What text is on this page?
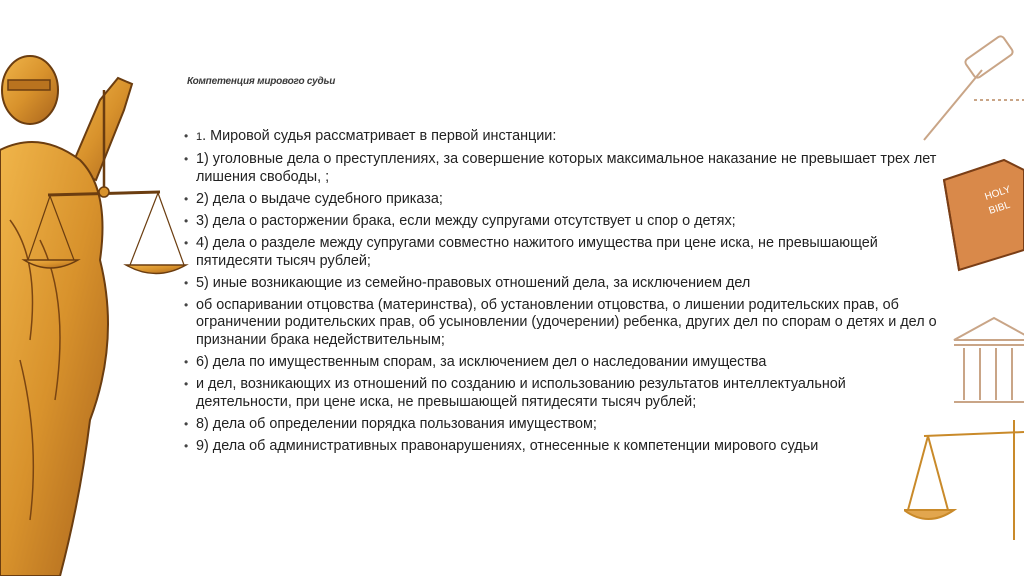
HOLY
BIBL
Компетенция мирового судьи
• 1. Мировой судья рассматривает в первой инстанции:
• 1) уголовные дела о преступлениях, за совершение которых максимальное наказание не превышает трех лет лишения свободы, ;
• 2) дела о выдаче судебного приказа;
• 3) дела о расторжении брака, если между супругами отсутствует u спор о детях;
• 4) дела о разделе между супругами совместно нажитого имущества при цене иска, не превышающей пятидесяти тысяч рублей;
• 5) иные возникающие из семейно-правовых отношений дела, за исключением дел
• об оспаривании отцовства (материнства), об установлении отцовства, о лишении родительских прав, об ограничении родительских прав, об усыновлении (удочерении) ребенка, других дел по спорам о детях и дел о признании брака недействительным;
• 6) дела по имущественным спорам, за исключением дел о наследовании имущества
• и дел, возникающих из отношений по созданию и использованию результатов интеллектуальной деятельности, при цене иска, не превышающей пятидесяти тысяч рублей;
• 8) дела об определении порядка пользования имуществом;
• 9) дела об административных правонарушениях, отнесенные к компетенции мирового судьи
